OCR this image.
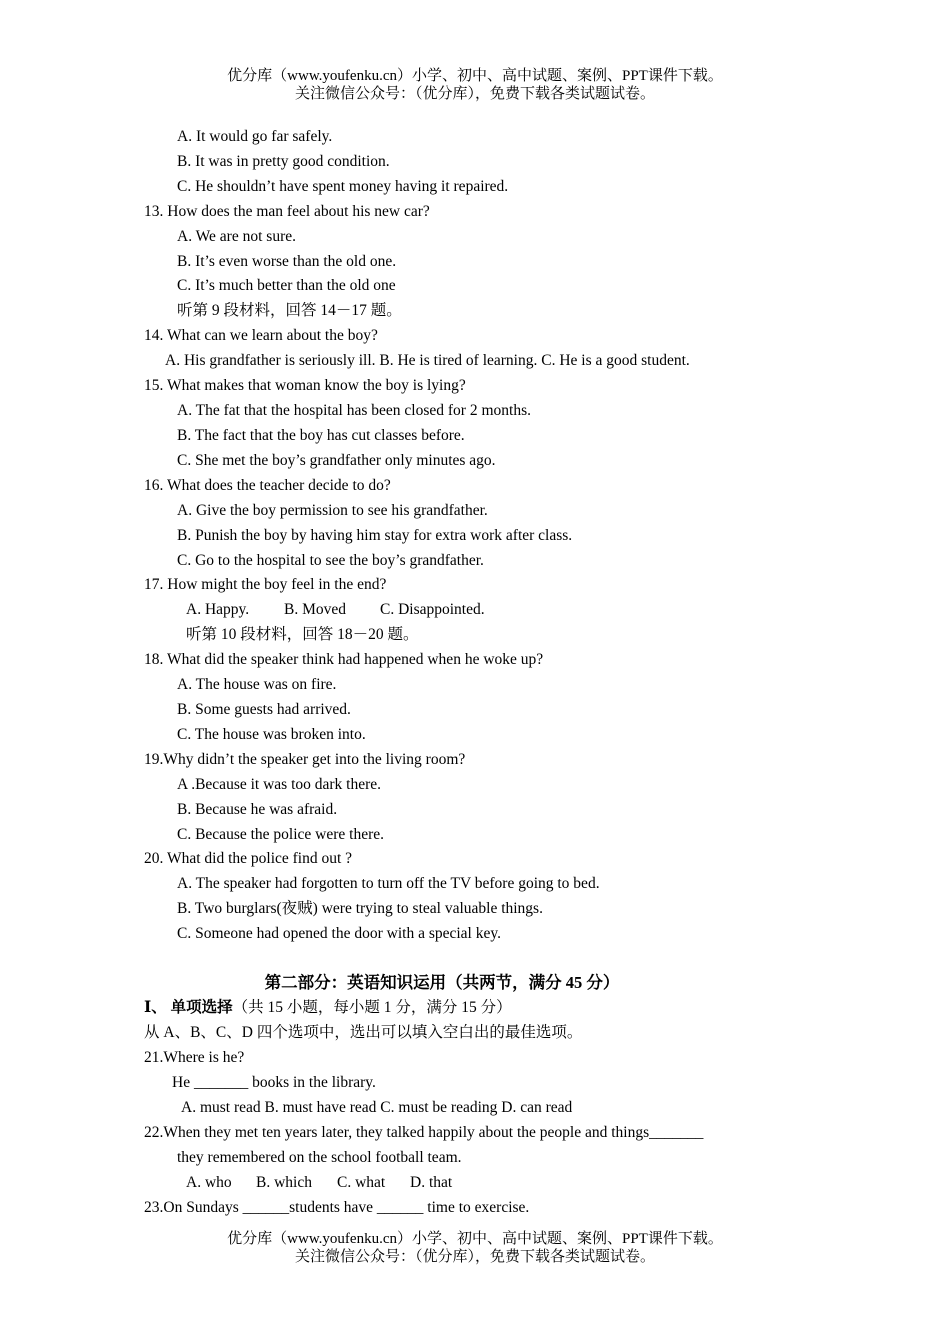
优分库（www.youfenku.cn）小学、初中、高中试题、案例、PPT课件下载。
关注微信公众号：（优分库），免费下载各类试题试卷。
A. It would go far safely.
B. It was in pretty good condition.
C. He shouldn’t have spent money having it repaired.
13. How does the man feel about his new car?
A. We are not sure.
B. It’s even worse than the old one.
C. It’s much better than the old one
听第 9 段材料，回答 14－17 题。
14. What can we learn about the boy?
A. His grandfather is seriously ill. B. He is tired of learning. C. He is a good student.
15. What makes that woman know the boy is lying?
A. The fat that the hospital has been closed for 2 months.
B. The fact that the boy has cut classes before.
C. She met the boy’s grandfather only minutes ago.
16. What does the teacher decide to do?
A. Give the boy permission to see his grandfather.
B. Punish the boy by having him stay for extra work after class.
C. Go to the hospital to see the boy’s grandfather.
17. How might the boy feel in the end?
A. Happy. B. Moved C. Disappointed.
听第 10 段材料，回答 18－20 题。
18. What did the speaker think had happened when he woke up?
A. The house was on fire.
B. Some guests had arrived.
C. The house was broken into.
19.Why didn’t the speaker get into the living room?
A .Because it was too dark there.
B. Because he was afraid.
C. Because the police were there.
20. What did the police find out ?
A. The speaker had forgotten to turn off the TV before going to bed.
B. Two burglars(夜贼) were trying to steal valuable things.
C. Someone had opened the door with a special key.
第二部分：英语知识运用（共两节，满分 45 分）
Ⅰ、 单项选择（共 15 小题，每小题 1 分，满分 15 分）
从 A、B、C、D 四个选项中，选出可以填入空白出的最佳选项。
21.Where is he?
He _______ books in the library.
A. must read B. must have read C. must be reading D. can read
22.When they met ten years later, they talked happily about the people and things_______
they remembered on the school football team.
A. who B. which C. what D. that
23.On Sundays ______students have ______ time to exercise.
优分库（www.youfenku.cn）小学、初中、高中试题、案例、PPT课件下载。
关注微信公众号：（优分库），免费下载各类试题试卷。
